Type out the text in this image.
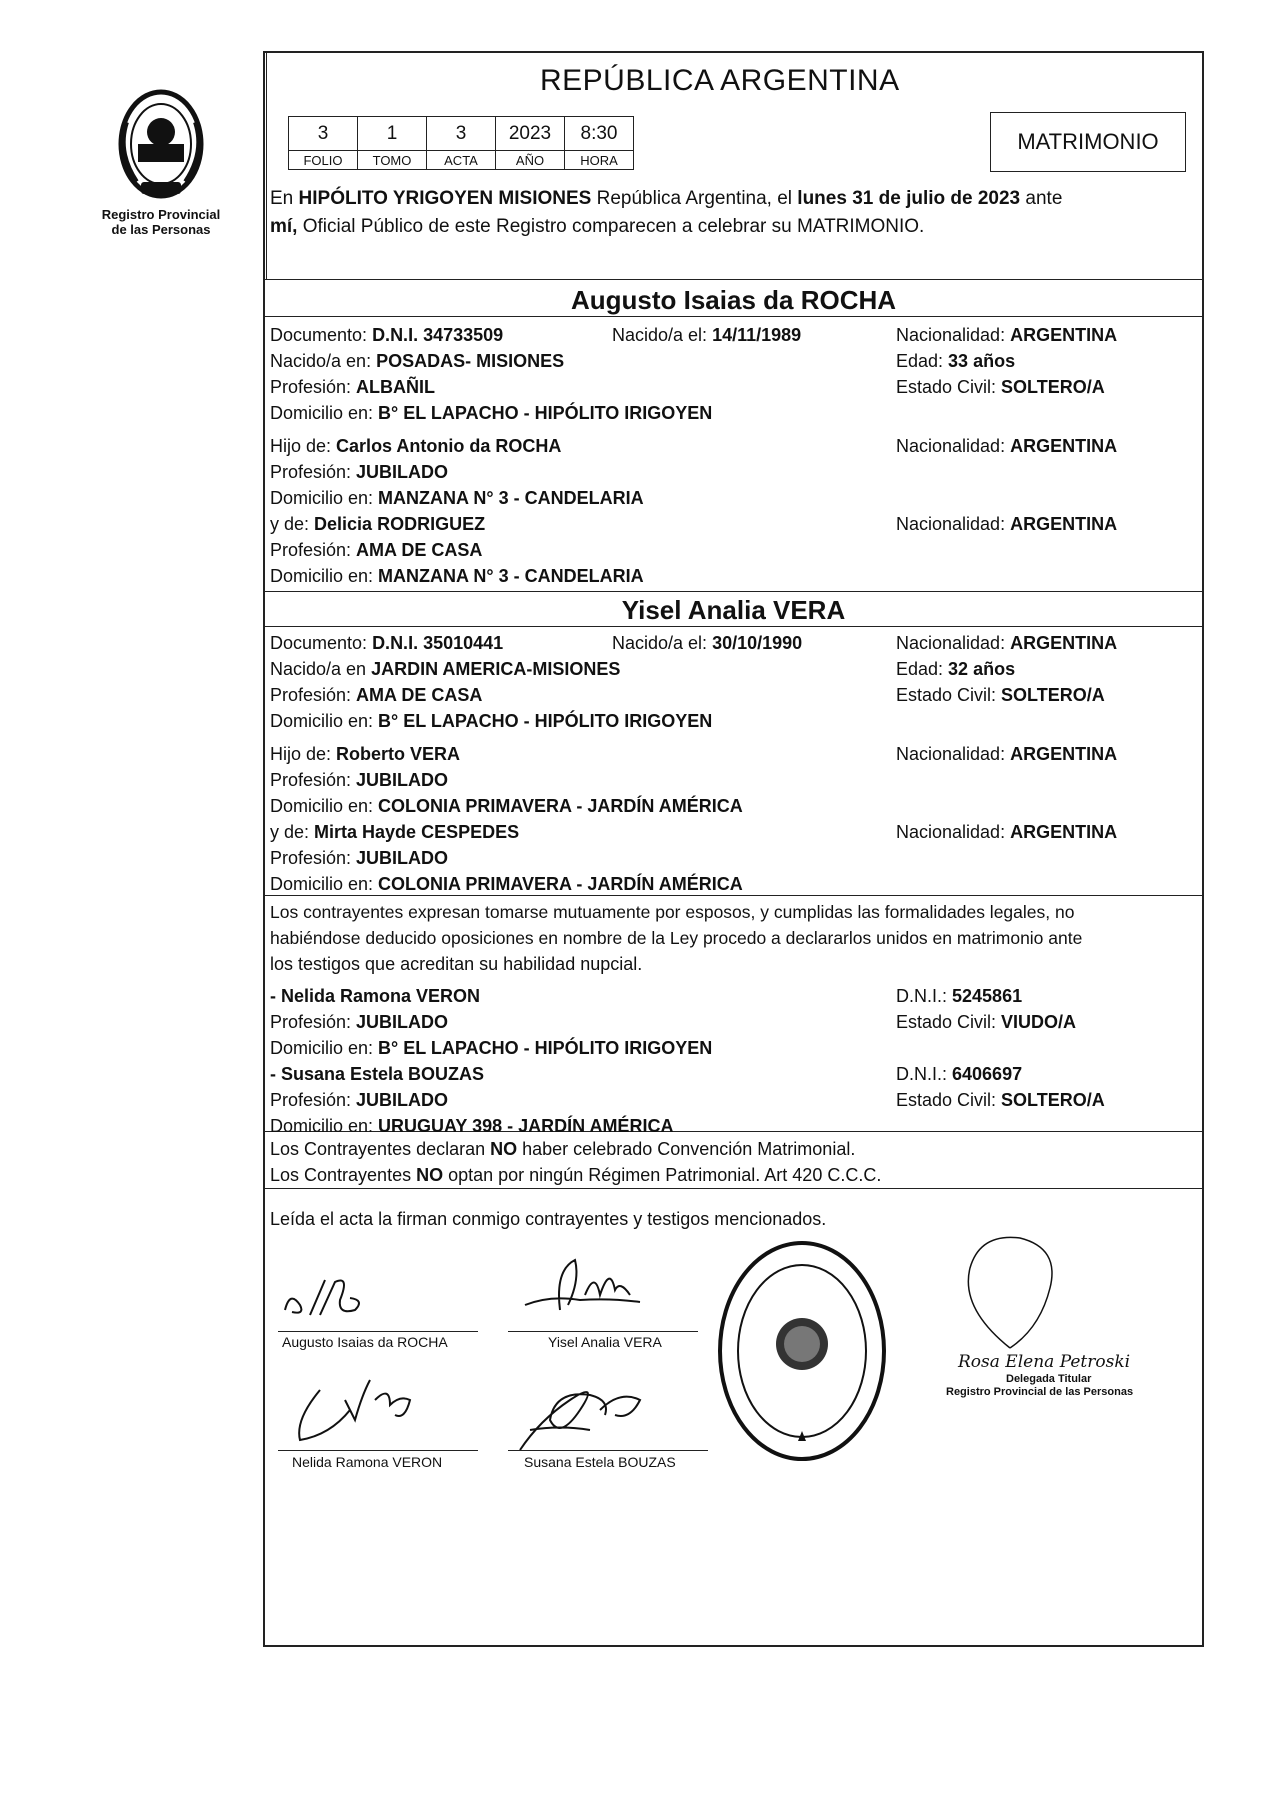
Registro Provincial
de las Personas
REPÚBLICA ARGENTINA
3	1	3	2023	8:30
FOLIO	TOMO	ACTA	AÑO	HORA
MATRIMONIO
En HIPÓLITO YRIGOYEN MISIONES República Argentina, el lunes 31 de julio de 2023 ante
mí, Oficial Público de este Registro comparecen a celebrar su MATRIMONIO.
Augusto Isaias da ROCHA
Documento: D.N.I. 34733509	Nacido/a el: 14/11/1989	Nacionalidad: ARGENTINA
Nacido/a en: POSADAS- MISIONES	Edad: 33 años
Profesión: ALBAÑIL	Estado Civil: SOLTERO/A
Domicilio en: B° EL LAPACHO - HIPÓLITO IRIGOYEN
Hijo de: Carlos Antonio da ROCHA	Nacionalidad: ARGENTINA
Profesión: JUBILADO
Domicilio en: MANZANA N° 3 - CANDELARIA
y de: Delicia RODRIGUEZ	Nacionalidad: ARGENTINA
Profesión: AMA DE CASA
Domicilio en: MANZANA N° 3 - CANDELARIA
Yisel Analia VERA
Documento: D.N.I. 35010441	Nacido/a el: 30/10/1990	Nacionalidad: ARGENTINA
Nacido/a en JARDIN AMERICA-MISIONES	Edad: 32 años
Profesión: AMA DE CASA	Estado Civil: SOLTERO/A
Domicilio en: B° EL LAPACHO - HIPÓLITO IRIGOYEN
Hijo de: Roberto VERA	Nacionalidad: ARGENTINA
Profesión: JUBILADO
Domicilio en: COLONIA PRIMAVERA - JARDÍN AMÉRICA
y de: Mirta Hayde CESPEDES	Nacionalidad: ARGENTINA
Profesión: JUBILADO
Domicilio en: COLONIA PRIMAVERA - JARDÍN AMÉRICA
Los contrayentes expresan tomarse mutuamente por esposos, y cumplidas las formalidades legales, no
habiéndose deducido oposiciones en nombre de la Ley procedo a declararlos unidos en matrimonio ante
los testigos que acreditan su habilidad nupcial.
- Nelida Ramona VERON	D.N.I.: 5245861
Profesión: JUBILADO	Estado Civil: VIUDO/A
Domicilio en: B° EL LAPACHO - HIPÓLITO IRIGOYEN
- Susana Estela BOUZAS	D.N.I.: 6406697
Profesión: JUBILADO	Estado Civil: SOLTERO/A
Domicilio en: URUGUAY 398 - JARDÍN AMÉRICA
Los Contrayentes declaran NO haber celebrado Convención Matrimonial.
Los Contrayentes NO optan por ningún Régimen Patrimonial. Art 420 C.C.C.
Leída el acta la firman conmigo contrayentes y testigos mencionados.
Augusto Isaias da ROCHA	Yisel Analia VERA
Nelida Ramona VERON	Susana Estela BOUZAS
Rosa Elena Petroski
Delegada Titular
Registro Provincial de las Personas
